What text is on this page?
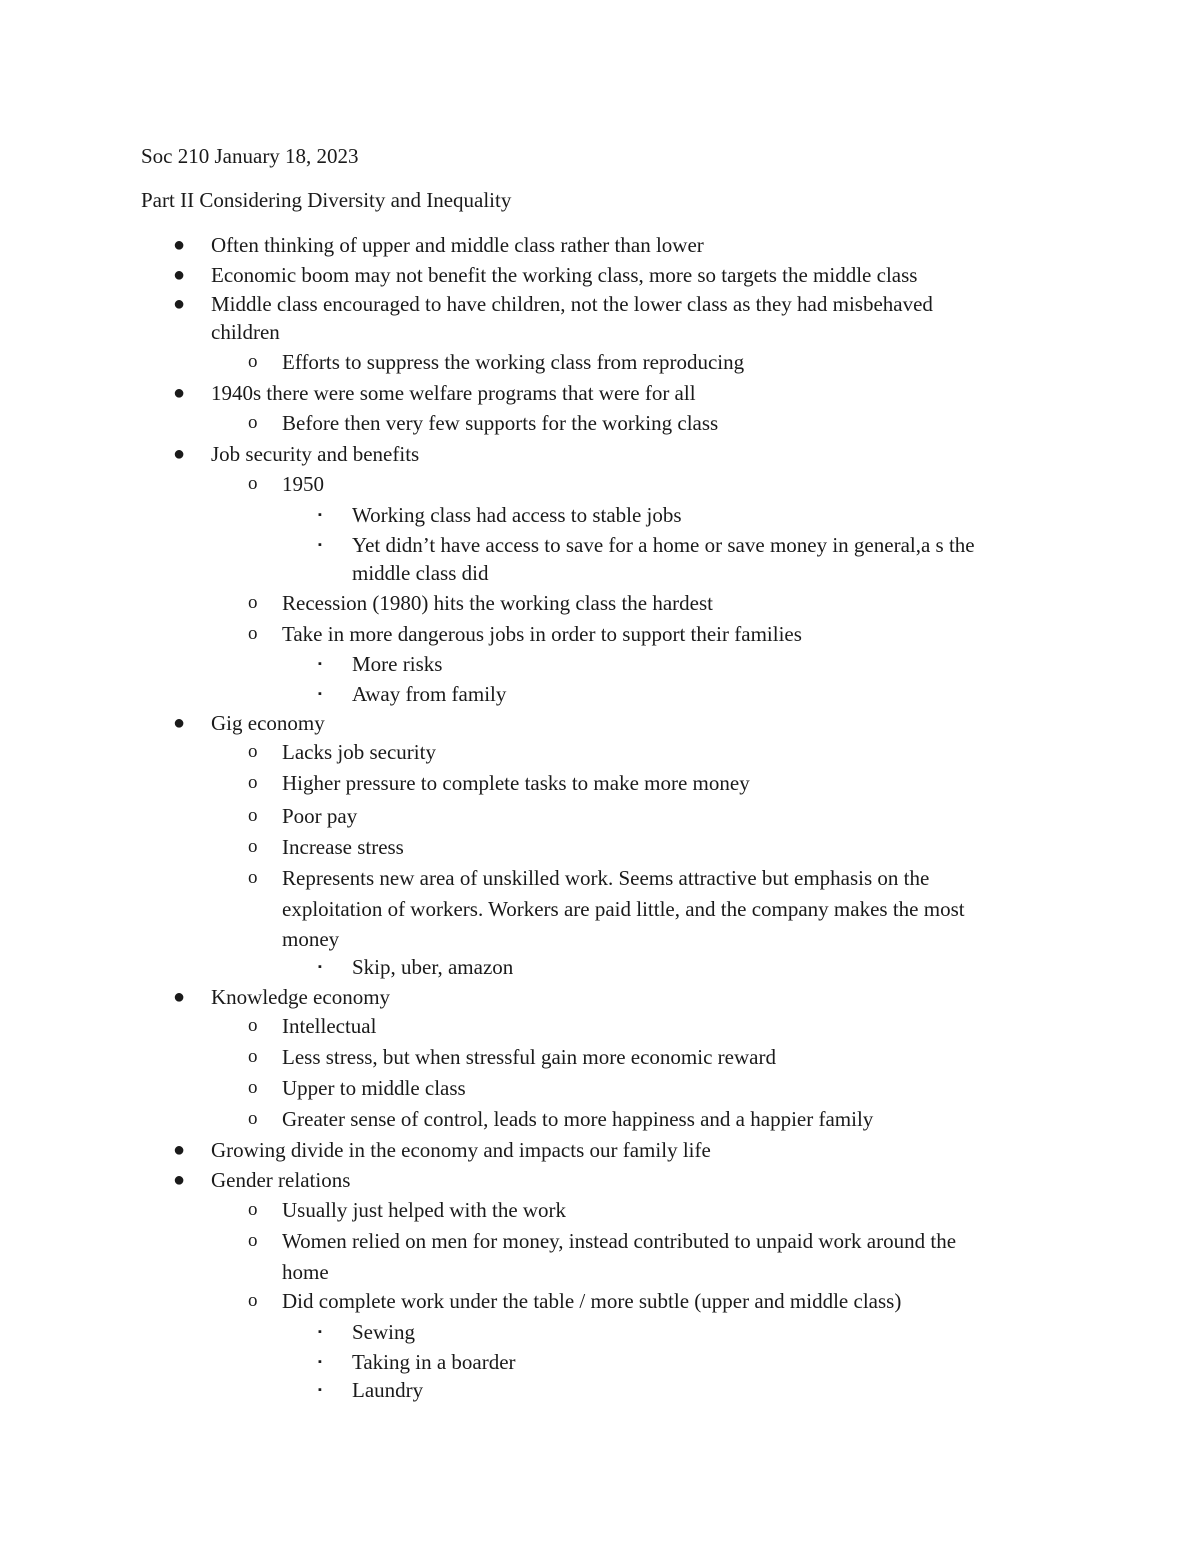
Soc 210 January 18, 2023
Part II Considering Diversity and Inequality
● Often thinking of upper and middle class rather than lower
● Economic boom may not benefit the working class, more so targets the middle class
● Middle class encouraged to have children, not the lower class as they had misbehaved
children
o Efforts to suppress the working class from reproducing
● 1940s there were some welfare programs that were for all
o Before then very few supports for the working class
● Job security and benefits
o 1950
▪ Working class had access to stable jobs
▪ Yet didn’t have access to save for a home or save money in general,a s the
middle class did
o Recession (1980) hits the working class the hardest
o Take in more dangerous jobs in order to support their families
▪ More risks
▪ Away from family
● Gig economy
o Lacks job security
o Higher pressure to complete tasks to make more money
o Poor pay
o Increase stress
o Represents new area of unskilled work. Seems attractive but emphasis on the
exploitation of workers. Workers are paid little, and the company makes the most
money
▪ Skip, uber, amazon
● Knowledge economy
o Intellectual
o Less stress, but when stressful gain more economic reward
o Upper to middle class
o Greater sense of control, leads to more happiness and a happier family
● Growing divide in the economy and impacts our family life
● Gender relations
o Usually just helped with the work
o Women relied on men for money, instead contributed to unpaid work around the
home
o Did complete work under the table / more subtle (upper and middle class)
▪ Sewing
▪ Taking in a boarder
▪ Laundry
